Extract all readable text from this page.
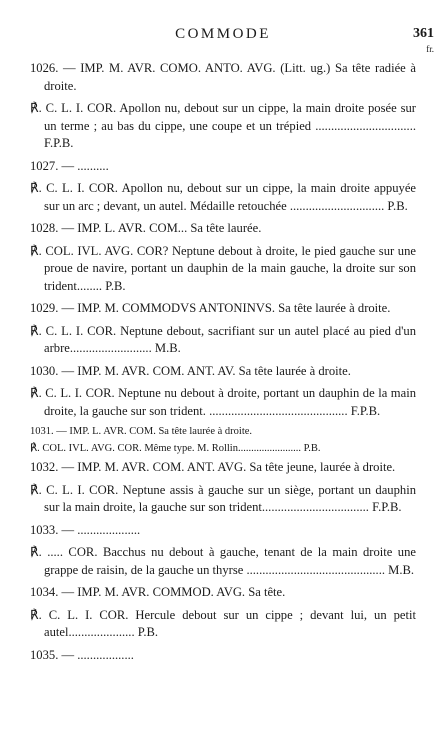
COMMODE	361
fr.
1026. — IMP. M. AVR. COMO. ANTO. AVG. (Litt. ug.) Sa tête radiée à droite.
℟. C. L. I. COR. Apollon nu, debout sur un cippe, la main droite posée sur un terme ; au bas du cippe, une coupe et un trépied ................................ F.P.B.
1027. — ..........
℟. C. L. I. COR. Apollon nu, debout sur un cippe, la main droite appuyée sur un arc ; devant, un autel. Médaille retouchée .............................. P.B.
1028. — IMP. L. AVR. COM... Sa tête laurée.
℟. COL. IVL. AVG. COR? Neptune debout à droite, le pied gauche sur une proue de navire, portant un dauphin de la main gauche, la droite sur son trident........ P.B.
1029. — IMP. M. COMMODVS ANTONINVS. Sa tête laurée à droite.
℟. C. L. I. COR. Neptune debout, sacrifiant sur un autel placé au pied d'un arbre.......................... M.B.
1030. — IMP. M. AVR. COM. ANT. AV. Sa tête laurée à droite.
℟. C. L. I. COR. Neptune nu debout à droite, portant un dauphin de la main droite, la gauche sur son trident. ............................................ F.P.B.
1031. — IMP. L. AVR. COM. Sa tête laurée à droite.
℟. COL. IVL. AVG. COR. Même type. M. Rollin........................ P.B.
1032. — IMP. M. AVR. COM. ANT. AVG. Sa tête jeune, laurée à droite.
℟. C. L. I. COR. Neptune assis à gauche sur un siège, portant un dauphin sur la main droite, la gauche sur son trident.................................. F.P.B.
1033. — ....................
℟. ..... COR. Bacchus nu debout à gauche, tenant de la main droite une grappe de raisin, de la gauche un thyrse ............................................ M.B.
1034. — IMP. M. AVR. COMMOD. AVG. Sa tête.
℟. C. L. I. COR. Hercule debout sur un cippe ; devant lui, un petit autel..................... P.B.
1035. — ..................
